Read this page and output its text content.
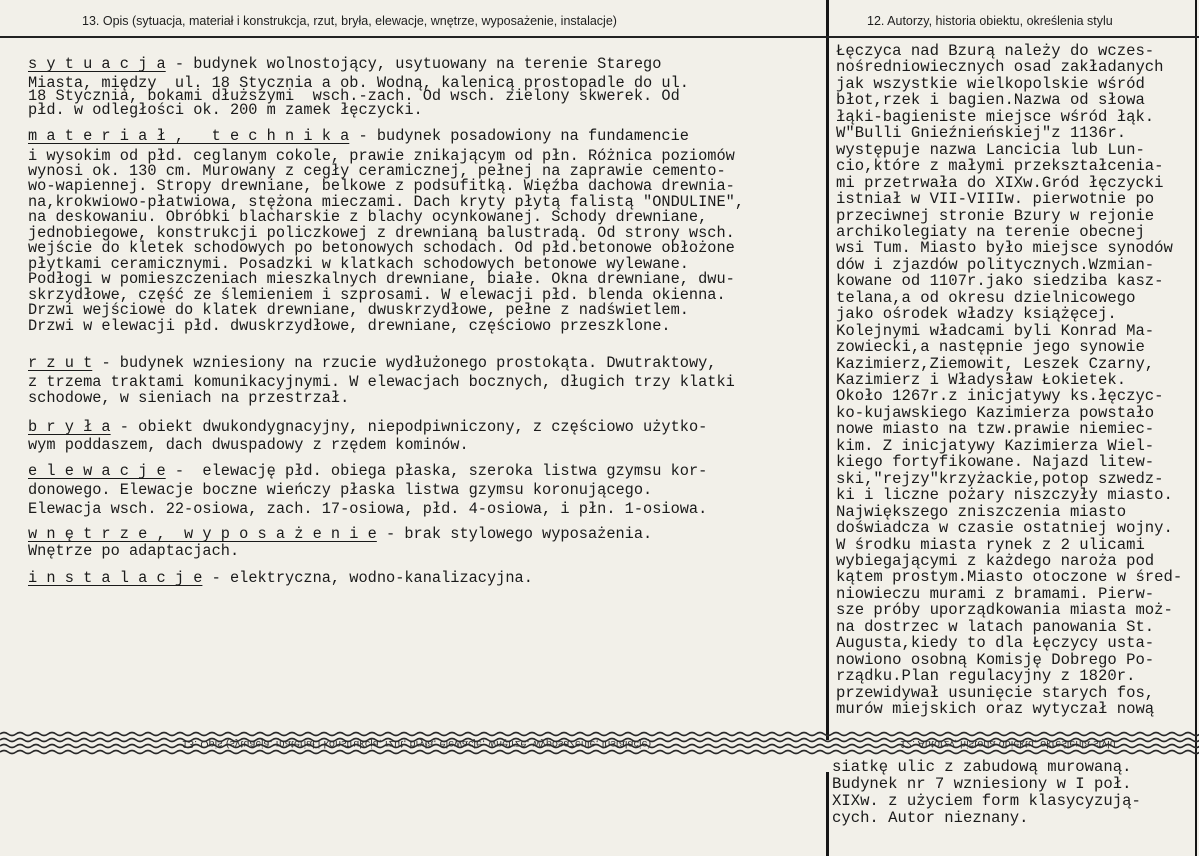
13. Opis (sytuacja, materiał i konstrukcja, rzut, bryła, elewacje, wnętrze, wyposażenie, instalacje)	12. Autorzy, historia obiektu, określenia stylu
s y t u a c j a - budynek wolnostojący, usytuowany na terenie Starego
Miasta, między  ul. 18 Stycznia a ob. Wodną, kalenicą prostopadle do ul.
18 Stycznia, bokami dłuższymi  wsch.-zach. Od wsch. zielony skwerek. Od
płd. w odległości ok. 200 m zamek łęczycki.
m a t e r i a ł ,   t e c h n i k a - budynek posadowiony na fundamencie
i wysokim od płd. ceglanym cokole, prawie znikającym od płn. Różnica poziomów
wynosi ok. 130 cm. Murowany z cegły ceramicznej, pełnej na zaprawie cemento-
wo-wapiennej. Stropy drewniane, belkowe z podsufitką. Więźba dachowa drewnia-
na,krokwiowo-płatwiowa, stężona mieczami. Dach kryty płytą falistą "ONDULINE",
na deskowaniu. Obróbki blacharskie z blachy ocynkowanej. Schody drewniane,
jednobiegowe, konstrukcji policzkowej z drewnianą balustradą. Od strony wsch.
wejście do kletek schodowych po betonowych schodach. Od płd.betonowe obłożone
płytkami ceramicznymi. Posadzki w klatkach schodowych betonowe wylewane.
Podłogi w pomieszczeniach mieszkalnych drewniane, białe. Okna drewniane, dwu-
skrzydłowe, część ze ślemieniem i szprosami. W elewacji płd. blenda okienna.
Drzwi wejściowe do klatek drewniane, dwuskrzydłowe, pełne z nadświetlem.
Drzwi w elewacji płd. dwuskrzydłowe, drewniane, częściowo przeszklone.
r z u t - budynek wzniesiony na rzucie wydłużonego prostokąta. Dwutraktowy,
z trzema traktami komunikacyjnymi. W elewacjach bocznych, długich trzy klatki
schodowe, w sieniach na przestrzał.
b r y ł a - obiekt dwukondygnacyjny, niepodpiwniczony, z częściowo użytko-
wym poddaszem, dach dwuspadowy z rzędem kominów.
e l e w a c j e -  elewację płd. obiega płaska, szeroka listwa gzymsu kor-
donowego. Elewacje boczne wieńczy płaska listwa gzymsu koronującego.
Elewacja wsch. 22-osiowa, zach. 17-osiowa, płd. 4-osiowa, i płn. 1-osiowa.
w n ę t r z e ,  w y p o s a ż e n i e - brak stylowego wyposażenia.
Wnętrze po adaptacjach.
i n s t a l a c j e - elektryczna, wodno-kanalizacyjna.
Łęczyca nad Bzurą należy do wczes-
nośredniowiecznych osad zakładanych
jak wszystkie wielkopolskie wśród
błot,rzek i bagien.Nazwa od słowa
łąki-bagieniste miejsce wśród łąk.
W"Bulli Gnieźnieńskiej"z 1136r.
występuje nazwa Lancicia lub Lun-
cio,które z małymi przekształcenia-
mi przetrwała do XIXw.Gród łęczycki
istniał w VII-VIIIw. pierwotnie po
przeciwnej stronie Bzury w rejonie
archikolegiaty na terenie obecnej
wsi Tum. Miasto było miejsce synodów
dów i zjazdów politycznych.Wzmian-
kowane od 1107r.jako siedziba kasz-
telana,a od okresu dzielnicowego
jako ośrodek władzy książęcej.
Kolejnymi władcami byli Konrad Ma-
zowiecki,a następnie jego synowie
Kazimierz,Ziemowit, Leszek Czarny,
Kazimierz i Władysław Łokietek.
Około 1267r.z inicjatywy ks.łęczyc-
ko-kujawskiego Kazimierza powstało
nowe miasto na tzw.prawie niemiec-
kim. Z inicjatywy Kazimierza Wiel-
kiego fortyfikowane. Najazd litew-
ski,"rejzy"krzyżackie,potop szwedz-
ki i liczne pożary niszczyły miasto.
Największego zniszczenia miasto
doświadcza w czasie ostatniej wojny.
W środku miasta rynek z 2 ulicami
wybiegającymi z każdego naroża pod
kątem prostym.Miasto otoczone w śred-
niowieczu murami z bramami. Pierw-
sze próby uporządkowania miasta moż-
na dostrzec w latach panowania St.
Augusta,kiedy to dla Łęczycy usta-
nowiono osobną Komisję Dobrego Po-
rządku.Plan regulacyjny z 1820r.
przewidywał usunięcie starych fos,
murów miejskich oraz wytyczał nową
13. Opis (sytuacja, materiał i konstrukcja, rzut, bryła, elewacje, wnętrze, wyposażenie, instalacje)	12. Autorzy, historia obiektu, określenia stylu
siatkę ulic z zabudową murowaną.
Budynek nr 7 wzniesiony w I poł.
XIXw. z użyciem form klasycyzują-
cych. Autor nieznany.
